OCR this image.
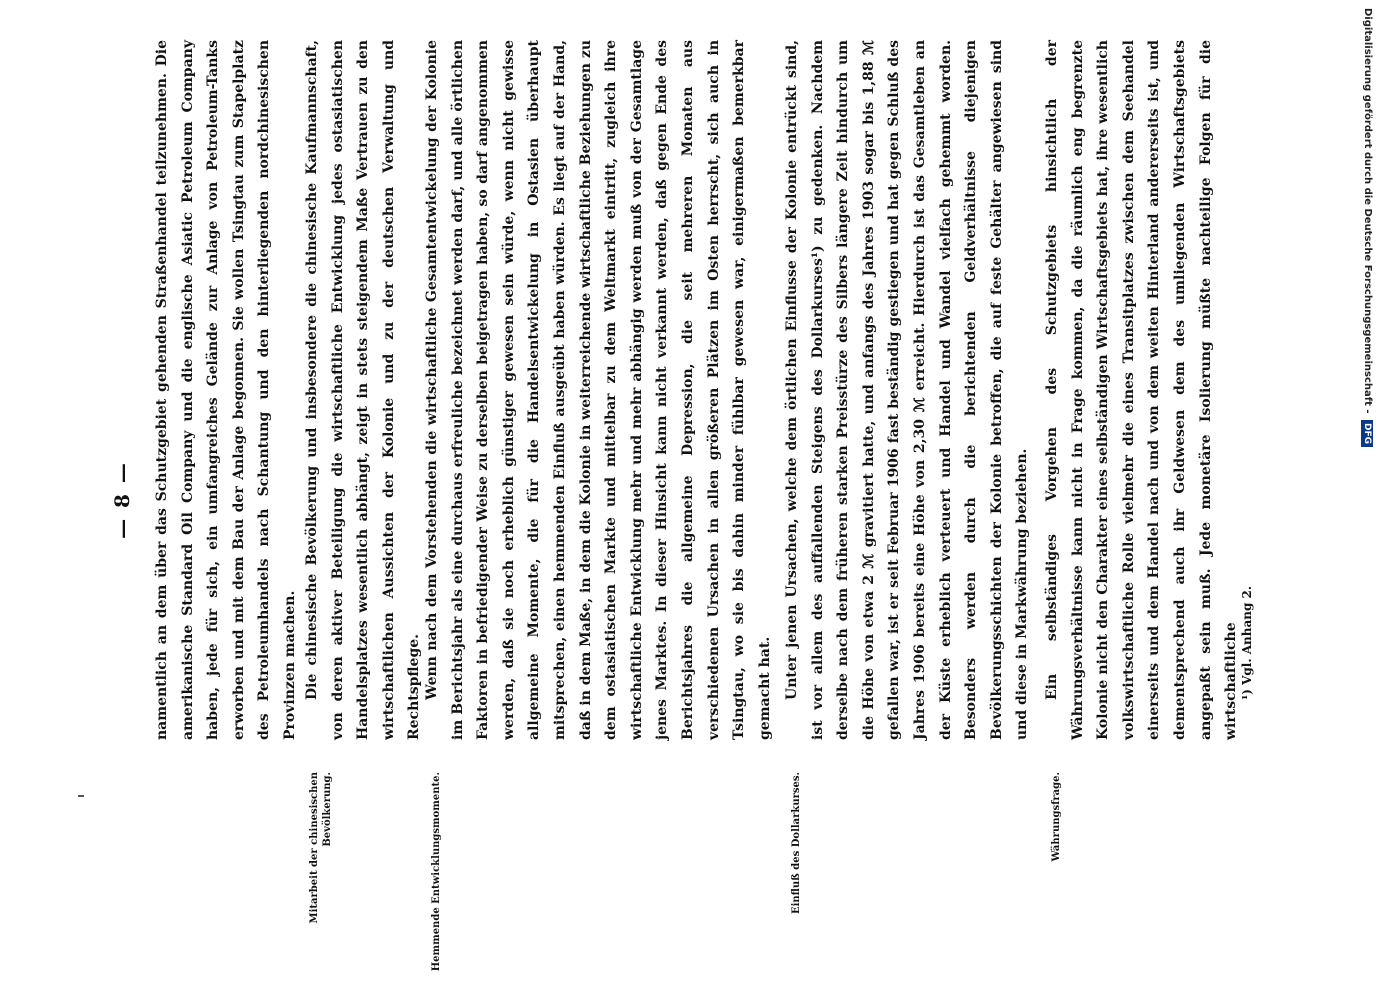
— 8 — namentlich an dem über das Schutzgebiet gehenden Straßenhandel teilzunehmen. Die amerikanische Standard Oil Company und die englische Asiatic Petroleum Company haben, jede für sich, ein umfangreiches Gelände zur Anlage von Petroleum-Tanks erworben und mit dem Bau der Anlage begonnen. Sie wollen Tsingtau zum Stapelplatz des Petroleumhandels nach Schantung und den hinterliegenden nordchinesischen Provinzen machen.

Mitarbeit der chinesischen Bevölkerung.

Die chinesische Bevölkerung und insbesondere die chinesische Kaufmannschaft, von deren aktiver Beteiligung die wirtschaftliche Entwicklung jedes ostasiatischen Handelsplatzes wesentlich abhängt, zeigt in stets steigendem Maße Vertrauen zu den wirtschaftlichen Aussichten der Kolonie und zu der deutschen Verwaltung und Rechtspflege.

Hemmende Entwicklungsmomente.

Wenn nach dem Vorstehenden die wirtschaftliche Gesamtentwickelung der Kolonie im Berichtsjahr als eine durchaus erfreuliche bezeichnet werden darf, und alle örtlichen Faktoren in befriedigender Weise zu derselben beigetragen haben, so darf angenommen werden, daß sie noch erheblich günstiger gewesen sein würde, wenn nicht gewisse allgemeine Momente, die für die Handelsentwickelung in Ostasien überhaupt mitsprechen, einen hemmenden Einfluß ausgeübt haben würden. Es liegt auf der Hand, daß in dem Maße, in dem die Kolonie in weiterreichende wirtschaftliche Beziehungen zu dem ostasiatischen Markte und mittelbar zu dem Weltmarkt eintritt, zugleich ihre wirtschaftliche Entwicklung mehr und mehr abhängig werden muß von der Gesamtlage jenes Marktes. In dieser Hinsicht kann nicht verkannt werden, daß gegen Ende des Berichtsjahres die allgemeine Depression, die seit mehreren Monaten aus verschiedenen Ursachen in allen größeren Plätzen im Osten herrscht, sich auch in Tsingtau, wo sie bis dahin minder fühlbar gewesen war, einigermaßen bemerkbar gemacht hat.

Einfluß des Dollarkurses.

Unter jenen Ursachen, welche dem örtlichen Einflusse der Kolonie entrückt sind, ist vor allem des auffallenden Steigens des Dollarkurses¹) zu gedenken. Nachdem derselbe nach dem früheren starken Preisstürze des Silbers längere Zeit hindurch um die Höhe von etwa 2 ℳ gravitiert hatte, und anfangs des Jahres 1903 sogar bis 1,88 ℳ gefallen war, ist er seit Februar 1906 fast beständig gestiegen und hat gegen Schluß des Jahres 1906 bereits eine Höhe von 2,30 ℳ erreicht. Hierdurch ist das Gesamtleben an der Küste erheblich verteuert und Handel und Wandel vielfach gehemmt worden. Besonders werden durch die berichtenden Geldverhältnisse diejenigen Bevölkerungsschichten der Kolonie betroffen, die auf feste Gehälter angewiesen sind und diese in Markwährung beziehen.

Währungsfrage.

Ein selbständiges Vorgehen des Schutzgebiets hinsichtlich der Währungsverhältnisse kann nicht in Frage kommen, da die räumlich eng begrenzte Kolonie nicht den Charakter eines selbständigen Wirtschaftsgebiets hat, ihre wesentlich volkswirtschaftliche Rolle vielmehr die eines Transitplatzes zwischen dem Seehandel einerseits und dem Handel nach und von dem weiten Hinterland andererseits ist, und dementsprechend auch ihr Geldwesen dem des umliegenden Wirtschaftsgebiets angepaßt sein muß. Jede monetäre Isolierung müßte nachteilige Folgen für die wirtschaftliche ¹) Vgl. Anhang 2.
Digitalisierung gefördert durch die Deutsche Forschungsgemeinschaft - DFG
